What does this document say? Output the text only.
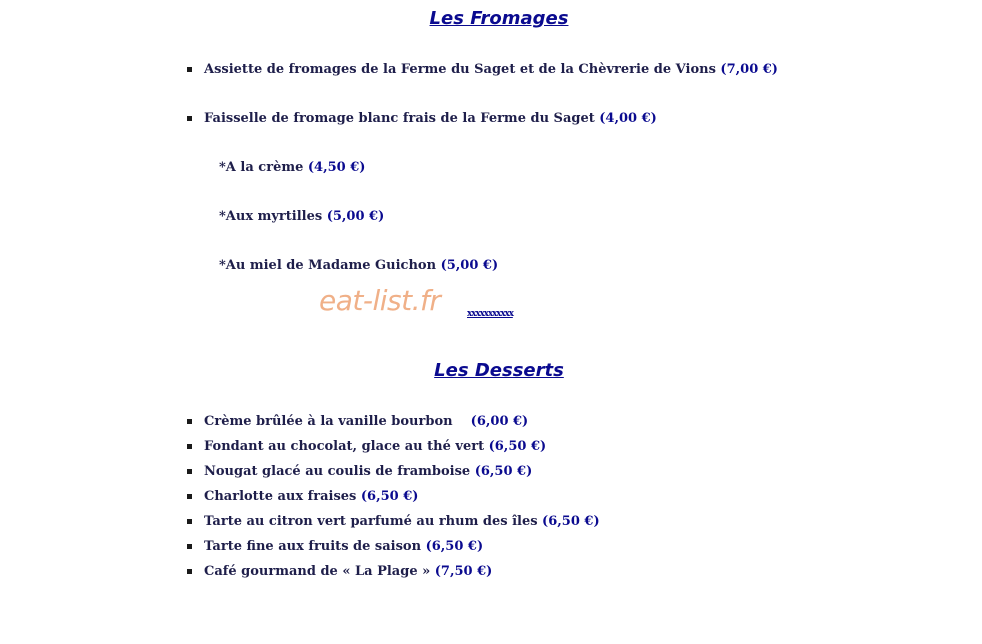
Les Fromages
Assiette de fromages de la Ferme du Saget et de la Chèvrerie de Vions (7,00 €)
Faisselle de fromage blanc frais de la Ferme du Saget (4,00 €)
*A la crème (4,50 €)
*Aux myrtilles (5,00 €)
*Au miel de Madame Guichon (5,00 €)
eat-list.fr	xxxxxxxxxxx
Les Desserts
Crème brûlée à la vanille bourbon    (6,00 €)
Fondant au chocolat, glace au thé vert (6,50 €)
Nougat glacé au coulis de framboise (6,50 €)
Charlotte aux fraises (6,50 €)
Tarte au citron vert parfumé au rhum des îles (6,50 €)
Tarte fine aux fruits de saison (6,50 €)
Café gourmand de « La Plage » (7,50 €)
